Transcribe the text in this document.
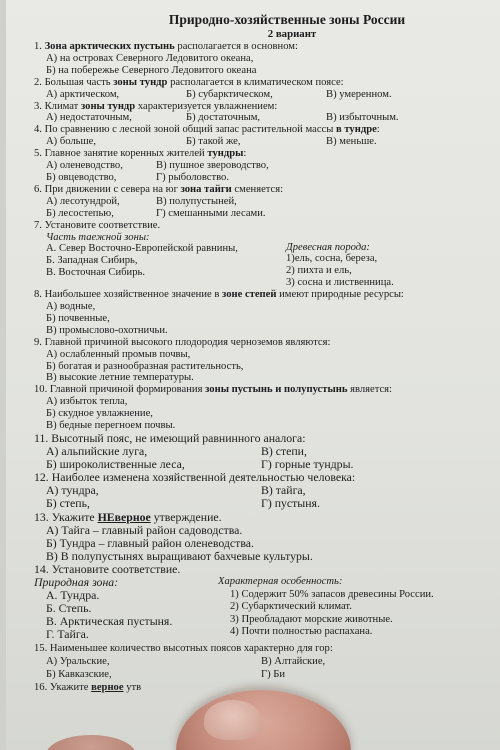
Природно-хозяйственные зоны России
2 вариант
1. Зона арктических пустынь располагается в основном:
А) на островах Северного Ледовитого океана,
Б) на побережье Северного Ледовитого океана
2. Большая часть зоны тундр располагается в климатическом поясе:
А) арктическом,	Б) субарктическом,	В) умеренном.
3. Климат зоны тундр характеризуется увлажнением:
А) недостаточным,	Б) достаточным,	В) избыточным.
4. По сравнению с лесной зоной общий запас растительной массы в тундре:
А) больше,	Б) такой же,	В) меньше.
5. Главное занятие коренных жителей тундры:
А) оленеводство,	В) пушное звероводство,
Б) овцеводство,	Г) рыболовство.
6. При движении с севера на юг зона тайги сменяется:
А) лесотундрой,	В) полупустыней,
Б) лесостепью,	Г) смешанными лесами.
7. Установите соответствие.
Часть таежной зоны:
А. Север Восточно-Европейской равнины,
Б. Западная Сибирь,
В. Восточная Сибирь.
Древесная порода:
1)ель, сосна, береза,
2) пихта и ель,
3) сосна и лиственница.
8. Наибольшее хозяйственное значение в зоне степей имеют природные ресурсы:
А) водные,
Б) почвенные,
В) промыслово-охотничьи.
9. Главной причиной высокого плодородия черноземов являются:
А) ослабленный промыв почвы,
Б) богатая и разнообразная растительность,
В) высокие летние температуры.
10. Главной причиной формирования зоны пустынь и полупустынь является:
А) избыток тепла,
Б) скудное увлажнение,
В) бедные перегноем почвы.
11. Высотный пояс, не имеющий равнинного аналога:
А) альпийские луга,	В) степи,
Б) широколиственные леса,	Г) горные тундры.
12. Наиболее изменена хозяйственной деятельностью человека:
А) тундра,	В) тайга,
Б) степь,	Г) пустыня.
13. Укажите НЕверное утверждение.
А) Тайга – главный район садоводства.
Б) Тундра – главный район оленеводства.
В) В полупустынях выращивают бахчевые культуры.
14. Установите соответствие.
Природная зона:
А. Тундра.
Б. Степь.
В. Арктическая пустыня.
Г. Тайга.
Характерная особенность:
1) Содержит 50% запасов древесины России.
2) Субарктический климат.
3) Преобладают морские животные.
4) Почти полностью распахана.
15. Наименьшее количество высотных поясов характерно для гор:
А) Уральские,	В) Алтайские,
Б) Кавказские,	Г) Би
16. Укажите верное утв
